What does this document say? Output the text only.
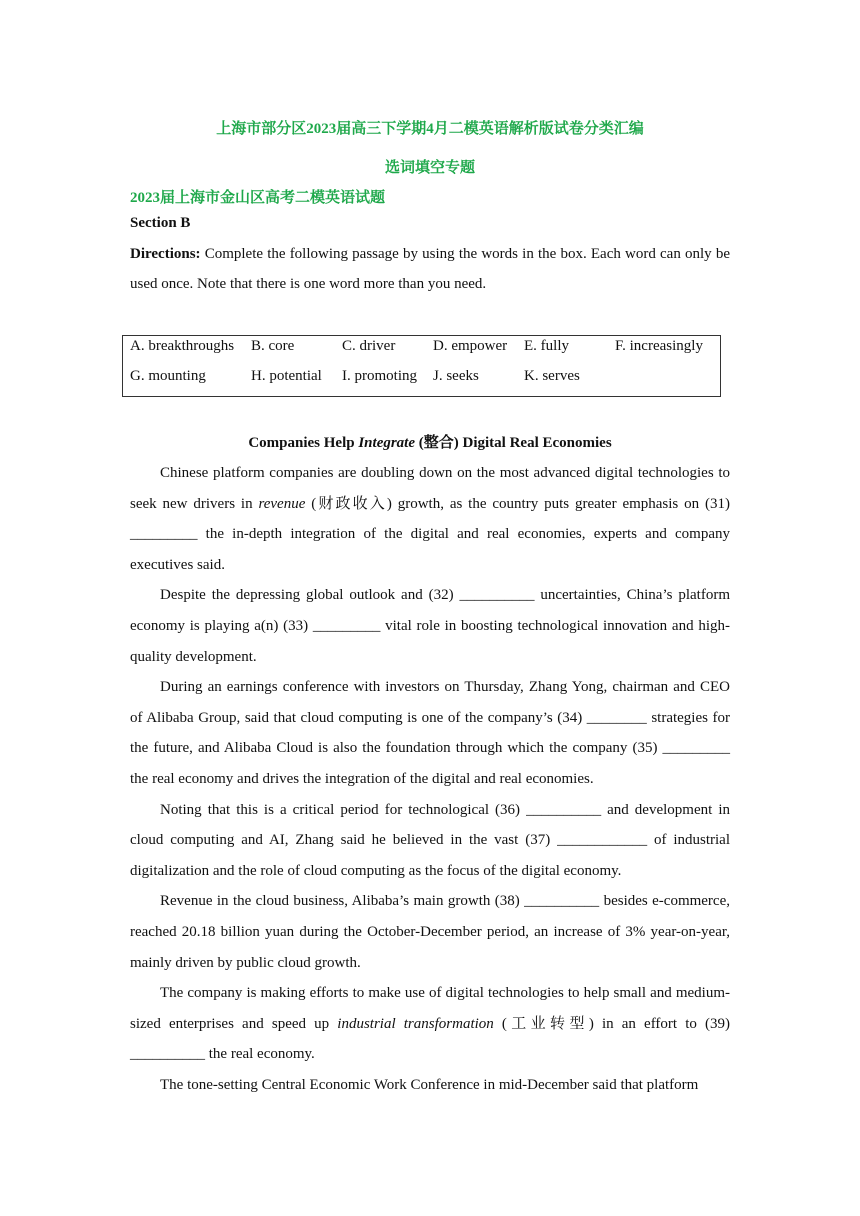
上海市部分区2023届高三下学期4月二模英语解析版试卷分类汇编
选词填空专题
2023届上海市金山区高考二模英语试题
Section B
Directions: Complete the following passage by using the words in the box. Each word can only be used once. Note that there is one word more than you need.
A. breakthroughs B. core	C. driver	D. empower E. fully	F. increasingly
G. mounting	H. potential I. promoting J. seeks	K. serves
Companies Help Integrate (整合) Digital Real Economies

Chinese platform companies are doubling down on the most advanced digital technologies to seek new drivers in revenue (财政收入) growth, as the country puts greater emphasis on (31) _________ the in-depth integration of the digital and real economies, experts and company executives said.

Despite the depressing global outlook and (32) __________ uncertainties, China’s platform economy is playing a(n) (33) _________ vital role in boosting technological innovation and high-quality development.

During an earnings conference with investors on Thursday, Zhang Yong, chairman and CEO of Alibaba Group, said that cloud computing is one of the company’s (34) ________ strategies for the future, and Alibaba Cloud is also the foundation through which the company (35) _________ the real economy and drives the integration of the digital and real economies.

Noting that this is a critical period for technological (36) __________ and development in cloud computing and AI, Zhang said he believed in the vast (37) ____________ of industrial digitalization and the role of cloud computing as the focus of the digital economy.

Revenue in the cloud business, Alibaba’s main growth (38) __________ besides e-commerce, reached 20.18 billion yuan during the October-December period, an increase of 3% year-on-year, mainly driven by public cloud growth.

The company is making efforts to make use of digital technologies to help small and medium-sized enterprises and speed up industrial transformation (工业转型) in an effort to (39) __________ the real economy.

The tone-setting Central Economic Work Conference in mid-December said that platform
